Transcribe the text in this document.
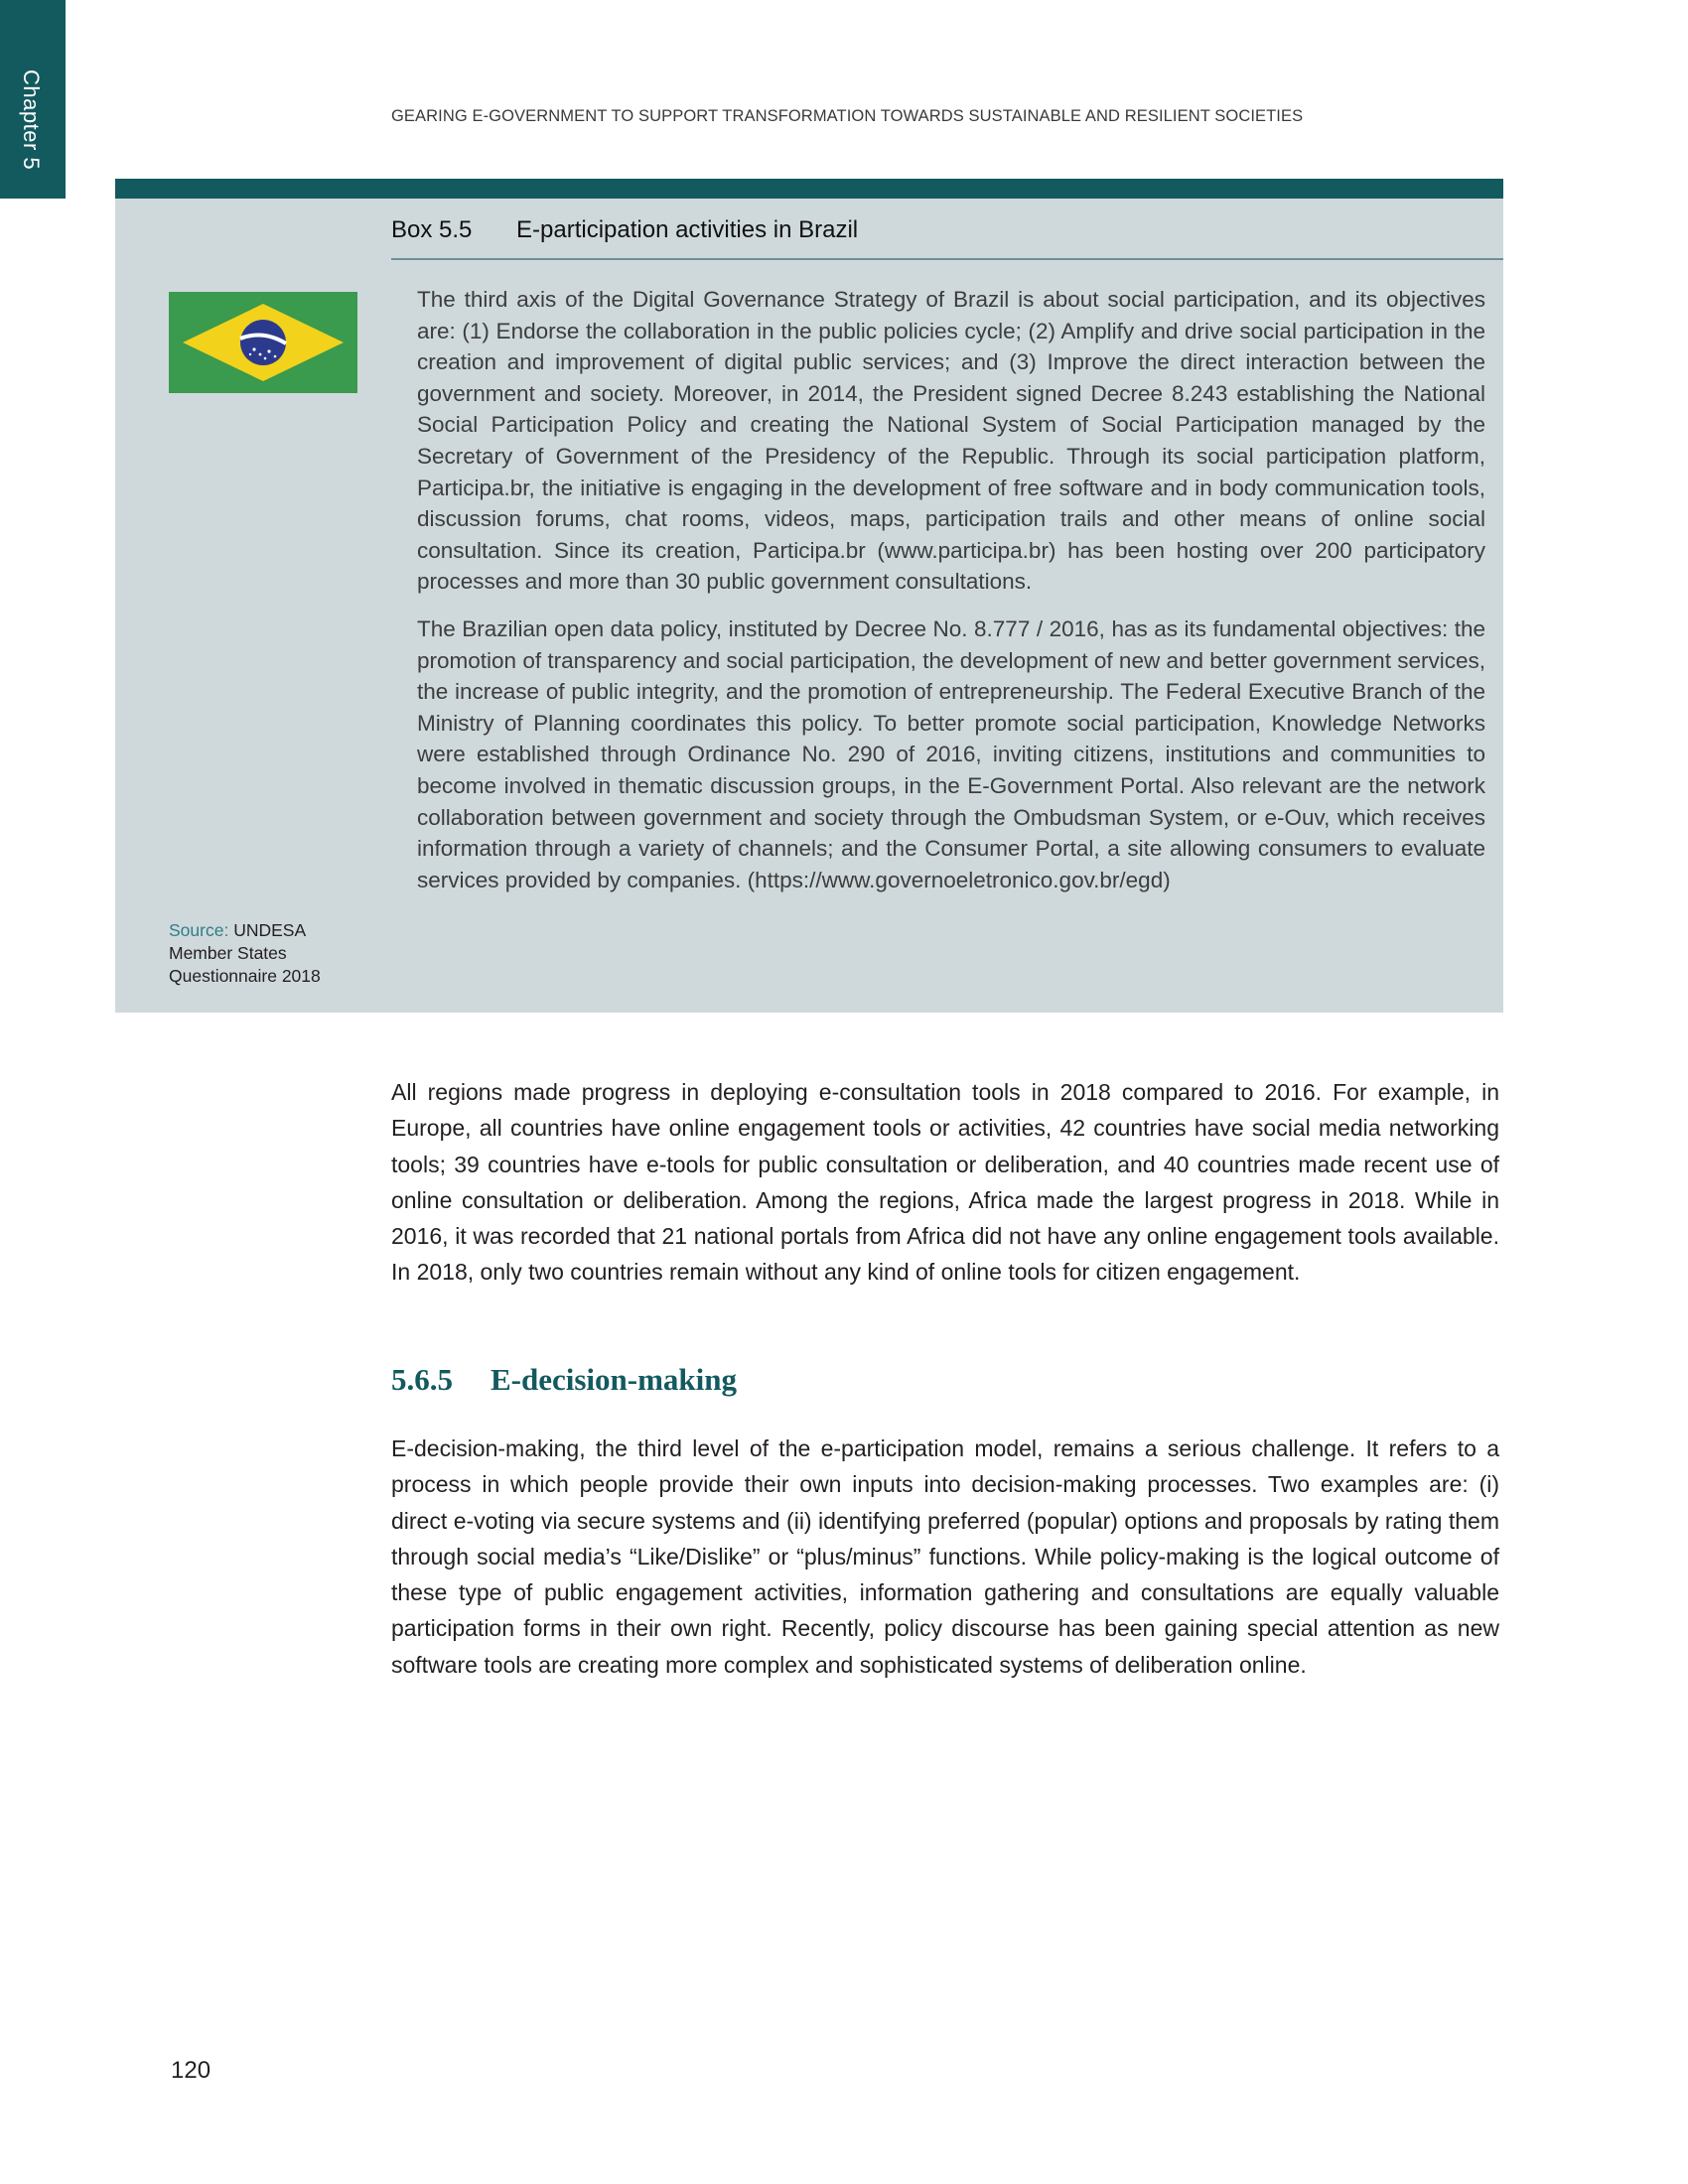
Chapter 5	GEARING E-GOVERNMENT TO SUPPORT TRANSFORMATION TOWARDS SUSTAINABLE AND RESILIENT SOCIETIES
Box 5.5 E-participation activities in Brazil
Source: UNDESA Member States Questionnaire 2018

The third axis of the Digital Governance Strategy of Brazil is about social participation, and its objectives are: (1) Endorse the collaboration in the public policies cycle; (2) Amplify and drive social participation in the creation and improvement of digital public services; and (3) Improve the direct interaction between the government and society. Moreover, in 2014, the President signed Decree 8.243 establishing the National Social Participation Policy and creating the National System of Social Participation managed by the Secretary of Government of the Presidency of the Republic. Through its social participation platform, Participa.br, the initiative is engaging in the development of free software and in body communication tools, discussion forums, chat rooms, videos, maps, participation trails and other means of online social consultation. Since its creation, Participa.br (www.participa.br) has been hosting over 200 participatory processes and more than 30 public government consultations.

The Brazilian open data policy, instituted by Decree No. 8.777 / 2016, has as its fundamental objectives: the promotion of transparency and social participation, the development of new and better government services, the increase of public integrity, and the promotion of entrepreneurship. The Federal Executive Branch of the Ministry of Planning coordinates this policy. To better promote social participation, Knowledge Networks were established through Ordinance No. 290 of 2016, inviting citizens, institutions and communities to become involved in thematic discussion groups, in the E-Government Portal. Also relevant are the network collaboration between government and society through the Ombudsman System, or e-Ouv, which receives information through a variety of channels; and the Consumer Portal, a site allowing consumers to evaluate services provided by companies. (https://www.governoeletronico.gov.br/egd)

All regions made progress in deploying e-consultation tools in 2018 compared to 2016. For example, in Europe, all countries have online engagement tools or activities, 42 countries have social media networking tools; 39 countries have e-tools for public consultation or deliberation, and 40 countries made recent use of online consultation or deliberation. Among the regions, Africa made the largest progress in 2018. While in 2016, it was recorded that 21 national portals from Africa did not have any online engagement tools available. In 2018, only two countries remain without any kind of online tools for citizen engagement.

5.6.5 E-decision-making

E-decision-making, the third level of the e-participation model, remains a serious challenge. It refers to a process in which people provide their own inputs into decision-making processes. Two examples are: (i) direct e-voting via secure systems and (ii) identifying preferred (popular) options and proposals by rating them through social media’s “Like/Dislike” or “plus/minus” functions. While policy-making is the logical outcome of these type of public engagement activities, information gathering and consultations are equally valuable participation forms in their own right. Recently, policy discourse has been gaining special attention as new software tools are creating more complex and sophisticated systems of deliberation online.

120
